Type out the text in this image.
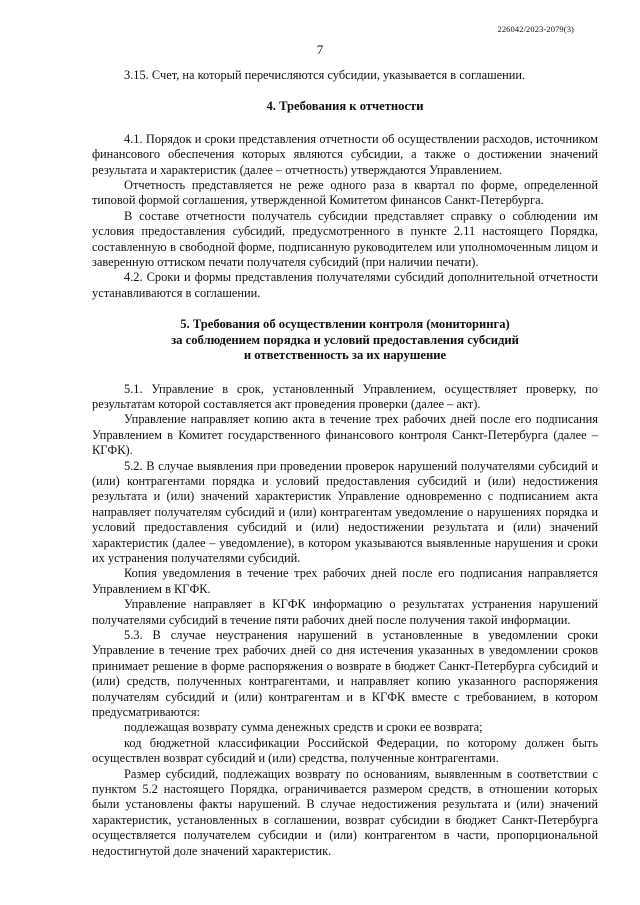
226042/2023-2079(3)
7

3.15. Счет, на который перечисляются субсидии, указывается в соглашении.

4. Требования к отчетности

4.1. Порядок и сроки представления отчетности об осуществлении расходов, источником финансового обеспечения которых являются субсидии, а также о достижении значений результата и характеристик (далее – отчетность) утверждаются Управлением.

Отчетность представляется не реже одного раза в квартал по форме, определенной типовой формой соглашения, утвержденной Комитетом финансов Санкт-Петербурга.

В составе отчетности получатель субсидии представляет справку о соблюдении им условия предоставления субсидий, предусмотренного в пункте 2.11 настоящего Порядка, составленную в свободной форме, подписанную руководителем или уполномоченным лицом и заверенную оттиском печати получателя субсидий (при наличии печати).

4.2. Сроки и формы представления получателями субсидий дополнительной отчетности устанавливаются в соглашении.

5. Требования об осуществлении контроля (мониторинга)
за соблюдением порядка и условий предоставления субсидий
и ответственность за их нарушение

5.1. Управление в срок, установленный Управлением, осуществляет проверку, по результатам которой составляется акт проведения проверки (далее – акт).

Управление направляет копию акта в течение трех рабочих дней после его подписания Управлением в Комитет государственного финансового контроля Санкт-Петербурга (далее – КГФК).

5.2. В случае выявления при проведении проверок нарушений получателями субсидий и (или) контрагентами порядка и условий предоставления субсидий и (или) недостижения результата и (или) значений характеристик Управление одновременно с подписанием акта направляет получателям субсидий и (или) контрагентам уведомление о нарушениях порядка и условий предоставления субсидий и (или) недостижении результата и (или) значений характеристик (далее – уведомление), в котором указываются выявленные нарушения и сроки их устранения получателями субсидий.

Копия уведомления в течение трех рабочих дней после его подписания направляется Управлением в КГФК.

Управление направляет в КГФК информацию о результатах устранения нарушений получателями субсидий в течение пяти рабочих дней после получения такой информации.

5.3. В случае неустранения нарушений в установленные в уведомлении сроки Управление в течение трех рабочих дней со дня истечения указанных в уведомлении сроков принимает решение в форме распоряжения о возврате в бюджет Санкт-Петербурга субсидий и (или) средств, полученных контрагентами, и направляет копию указанного распоряжения получателям субсидий и (или) контрагентам и в КГФК вместе с требованием, в котором предусматриваются:

подлежащая возврату сумма денежных средств и сроки ее возврата;

код бюджетной классификации Российской Федерации, по которому должен быть осуществлен возврат субсидий и (или) средства, полученные контрагентами.

Размер субсидий, подлежащих возврату по основаниям, выявленным в соответствии с пунктом 5.2 настоящего Порядка, ограничивается размером средств, в отношении которых были установлены факты нарушений. В случае недостижения результата и (или) значений характеристик, установленных в соглашении, возврат субсидии в бюджет Санкт-Петербурга осуществляется получателем субсидии и (или) контрагентом в части, пропорциональной недостигнутой доле значений характеристик.
